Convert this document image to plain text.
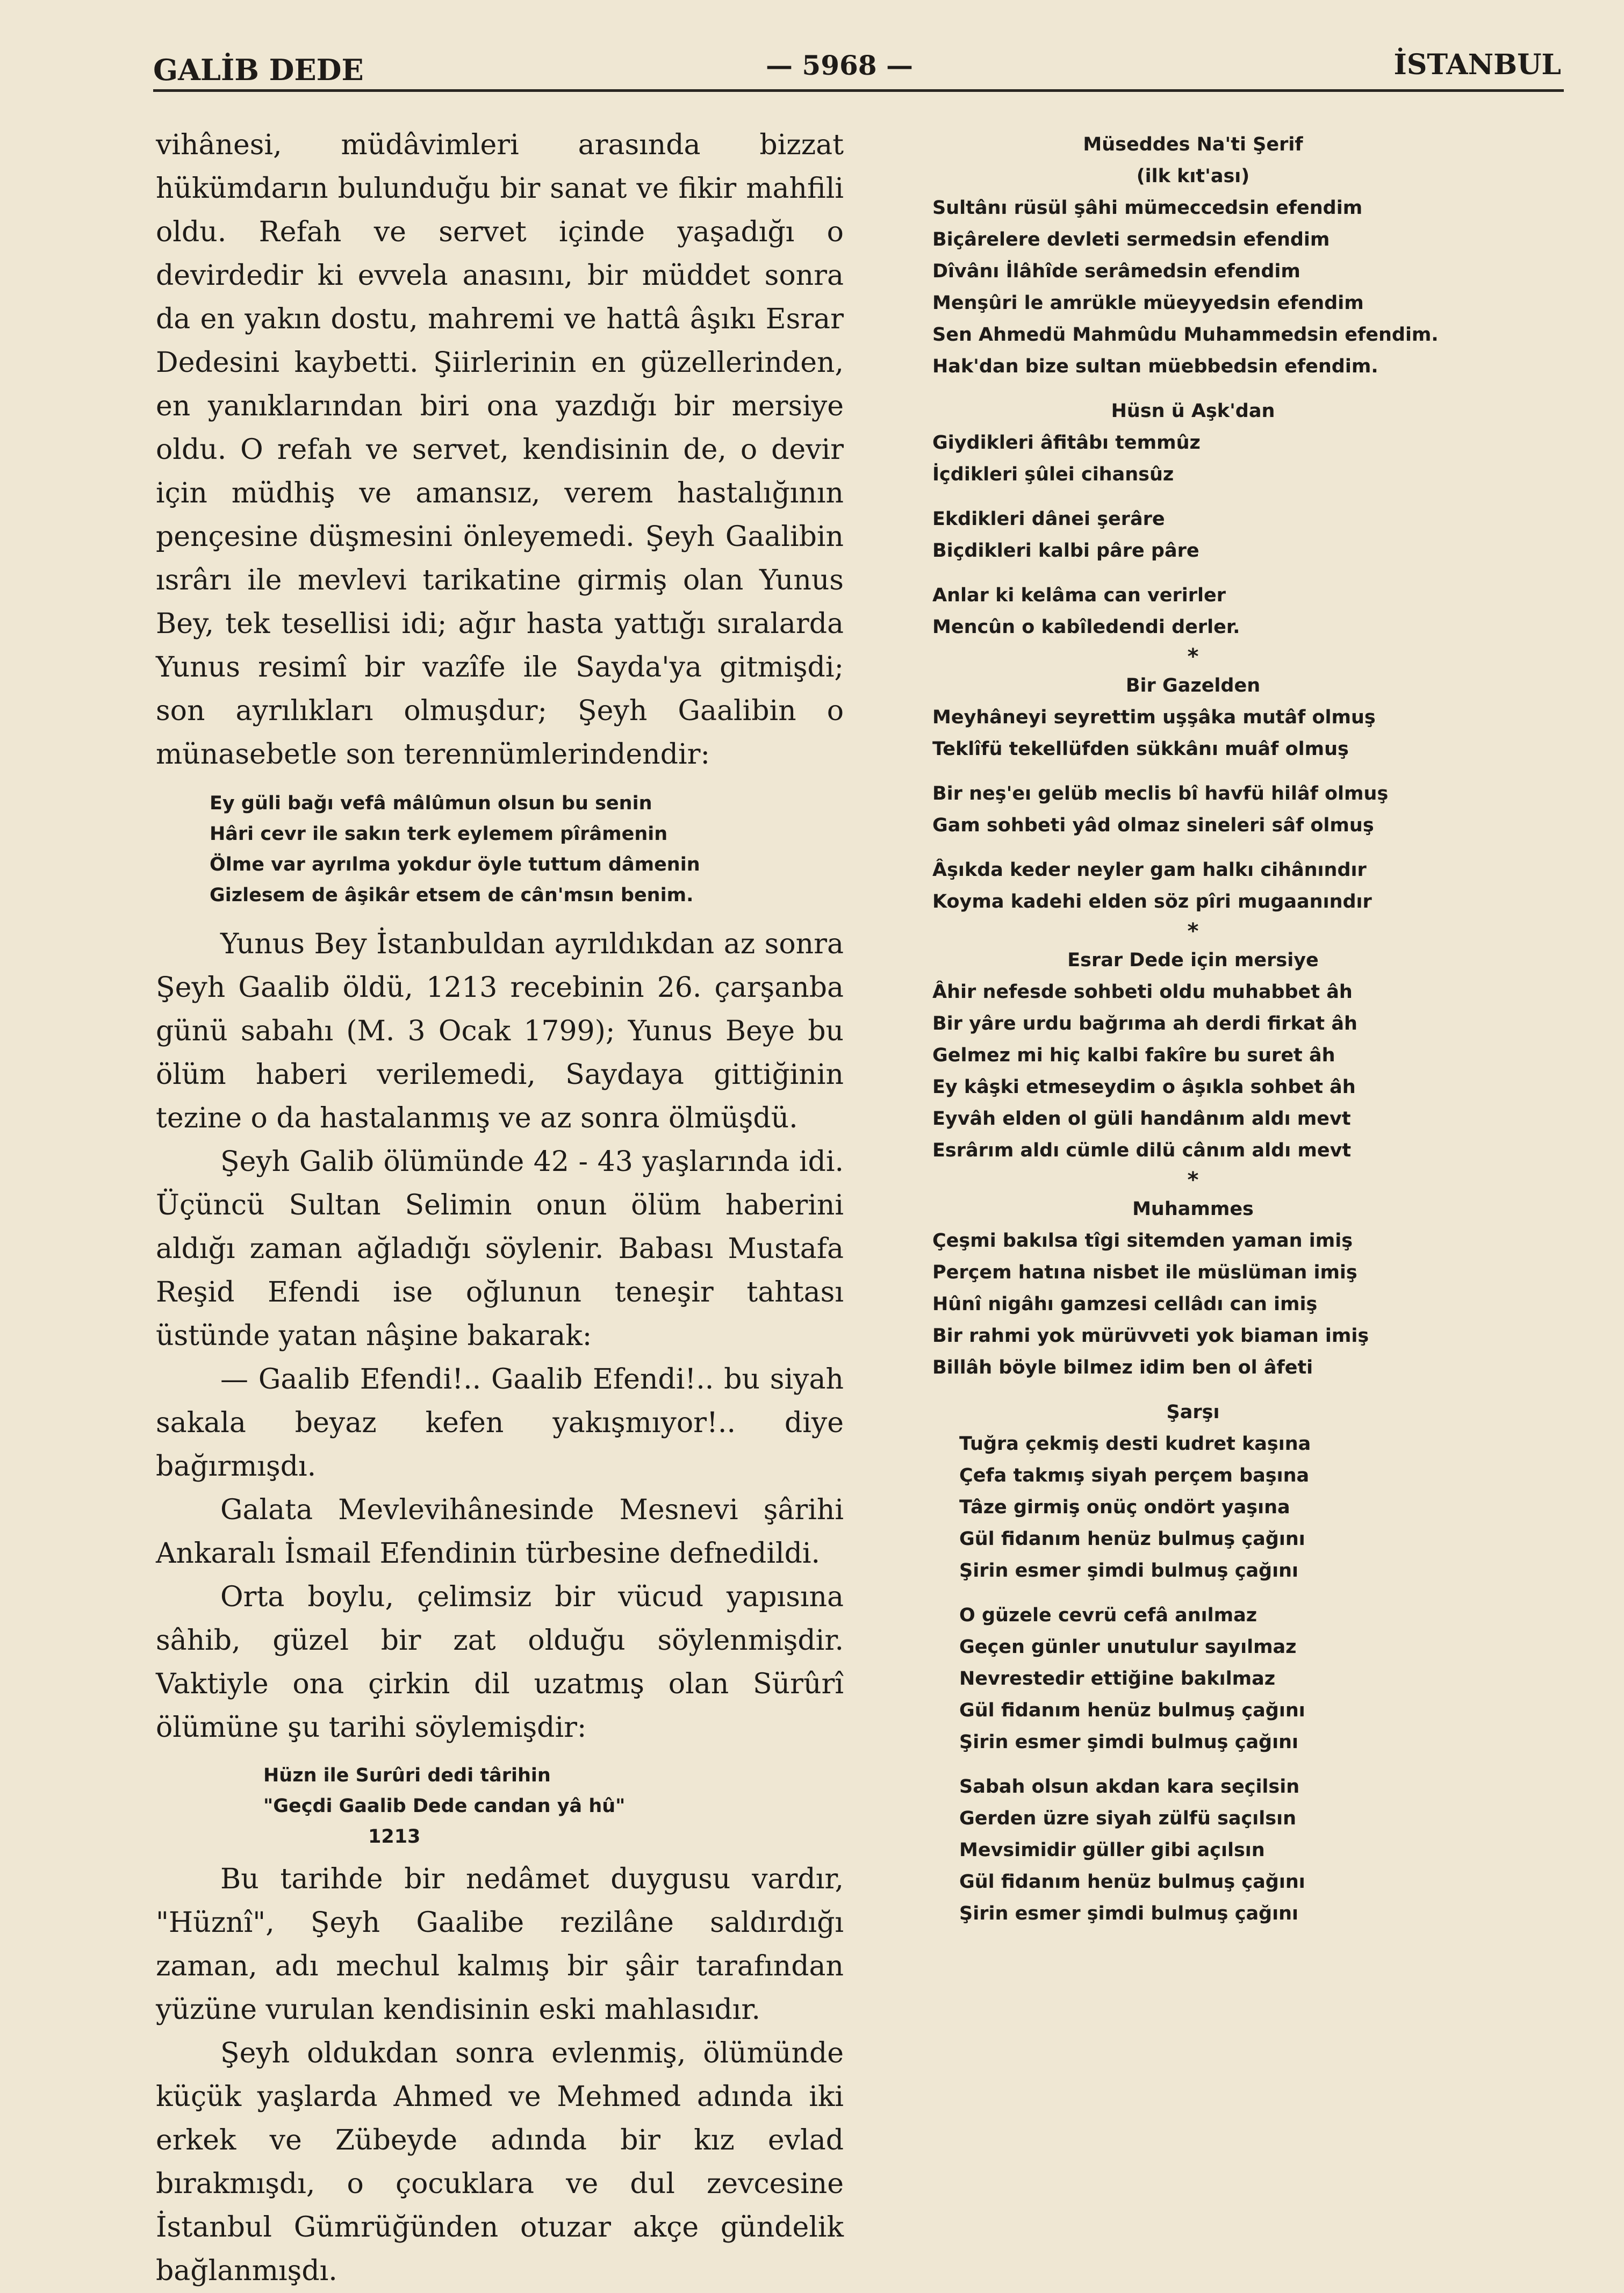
GALİB DEDE	— 5968 —	İSTANBUL

vihânesi, müdâvimleri arasında bizzat hükümdarın bulunduğu bir sanat ve fikir mahfili oldu. Refah ve servet içinde yaşadığı o devirdedir ki evvela anasını, bir müddet sonra da en yakın dostu, mahremi ve hattâ âşıkı Esrar Dedesini kaybetti. Şiirlerinin en güzellerinden, en yanıklarından biri ona yazdığı bir mersiye oldu. O refah ve servet, kendisinin de, o devir için müdhiş ve amansız, verem hastalığının pençesine düşmesini önleyemedi. Şeyh Gaalibin ısrârı ile mevlevi tarikatine girmiş olan Yunus Bey, tek tesellisi idi; ağır hasta yattığı sıralarda Yunus resimî bir vazîfe ile Sayda'ya gitmişdi; son ayrılıkları olmuşdur; Şeyh Gaalibin o münasebetle son terennümlerindendir:

Ey güli bağı vefâ mâlûmun olsun bu senin
Hâri cevr ile sakın terk eylemem pîrâmenin
Ölme var ayrılma yokdur öyle tuttum dâmenin
Gizlesem de âşikâr etsem de cân'msın benim.

Yunus Bey İstanbuldan ayrıldıkdan az sonra Şeyh Gaalib öldü, 1213 recebinin 26. çarşanba günü sabahı (M. 3 Ocak 1799); Yunus Beye bu ölüm haberi verilemedi, Saydaya gittiğinin tezine o da hastalanmış ve az sonra ölmüşdü.

Şeyh Galib ölümünde 42 - 43 yaşlarında idi. Üçüncü Sultan Selimin onun ölüm haberini aldığı zaman ağladığı söylenir. Babası Mustafa Reşid Efendi ise oğlunun teneşir tahtası üstünde yatan nâşine bakarak:

— Gaalib Efendi!.. Gaalib Efendi!.. bu siyah sakala beyaz kefen yakışmıyor!.. diye bağırmışdı.

Galata Mevlevihânesinde Mesnevi şârihi Ankaralı İsmail Efendinin türbesine defnedildi.

Orta boylu, çelimsiz bir vücud yapısına sâhib, güzel bir zat olduğu söylenmişdir. Vaktiyle ona çirkin dil uzatmış olan Sürûrî ölümüne şu tarihi söylemişdir:

Hüzn ile Surûri dedi târihin
"Geçdi Gaalib Dede candan yâ hû"
1213

Bu tarihde bir nedâmet duygusu vardır, "Hüznî", Şeyh Gaalibe rezilâne saldırdığı zaman, adı mechul kalmış bir şâir tarafından yüzüne vurulan kendisinin eski mahlasıdır.

Şeyh oldukdan sonra evlenmiş, ölümünde küçük yaşlarda Ahmed ve Mehmed adında iki erkek ve Zübeyde adında bir kız evlad bırakmışdı, o çocuklara ve dul zevcesine İstanbul Gümrüğünden otuzar akçe gündelik bağlanmışdı.

Müseddes Na'ti Şerif
(ilk kıt'ası)
Sultânı rüsül şâhi mümeccedsin efendim
Biçârelere devleti sermedsin efendim
Dîvânı İlâhîde serâmedsin efendim
Menşûri le amrükle müeyyedsin efendim
Sen Ahmedü Mahmûdu Muhammedsin efendim.
Hak'dan bize sultan müebbedsin efendim.
Hüsn ü Aşk'dan
Giydikleri âfitâbı temmûz
İçdikleri şûlei cihansûz
Ekdikleri dânei şerâre
Biçdikleri kalbi pâre pâre
Anlar ki kelâma can verirler
Mencûn o kabîledendi derler.
*
Bir Gazelden
Meyhâneyi seyrettim uşşâka mutâf olmuş
Teklîfü tekellüfden sükkânı muâf olmuş
Bir neş'eı gelüb meclis bî havfü hilâf olmuş
Gam sohbeti yâd olmaz sineleri sâf olmuş
Âşıkda keder neyler gam halkı cihânındır
Koyma kadehi elden söz pîri mugaanındır
*
Esrar Dede için mersiye
Âhir nefesde sohbeti oldu muhabbet âh
Bir yâre urdu bağrıma ah derdi firkat âh
Gelmez mi hiç kalbi fakîre bu suret âh
Ey kâşki etmeseydim o âşıkla sohbet âh
Eyvâh elden ol güli handânım aldı mevt
Esrârım aldı cümle dilü cânım aldı mevt
*
Muhammes
Çeşmi bakılsa tîgi sitemden yaman imiş
Perçem hatına nisbet ile müslüman imiş
Hûnî nigâhı gamzesi cellâdı can imiş
Bir rahmi yok mürüvveti yok biaman imiş
Billâh böyle bilmez idim ben ol âfeti
Şarşı
Tuğra çekmiş desti kudret kaşına
Çefa takmış siyah perçem başına
Tâze girmiş onüç ondört yaşına
Gül fidanım henüz bulmuş çağını
Şirin esmer şimdi bulmuş çağını
O güzele cevrü cefâ anılmaz
Geçen günler unutulur sayılmaz
Nevrestedir ettiğine bakılmaz
Gül fidanım henüz bulmuş çağını
Şirin esmer şimdi bulmuş çağını
Sabah olsun akdan kara seçilsin
Gerden üzre siyah zülfü saçılsın
Mevsimidir güller gibi açılsın
Gül fidanım henüz bulmuş çağını
Şirin esmer şimdi bulmuş çağını
